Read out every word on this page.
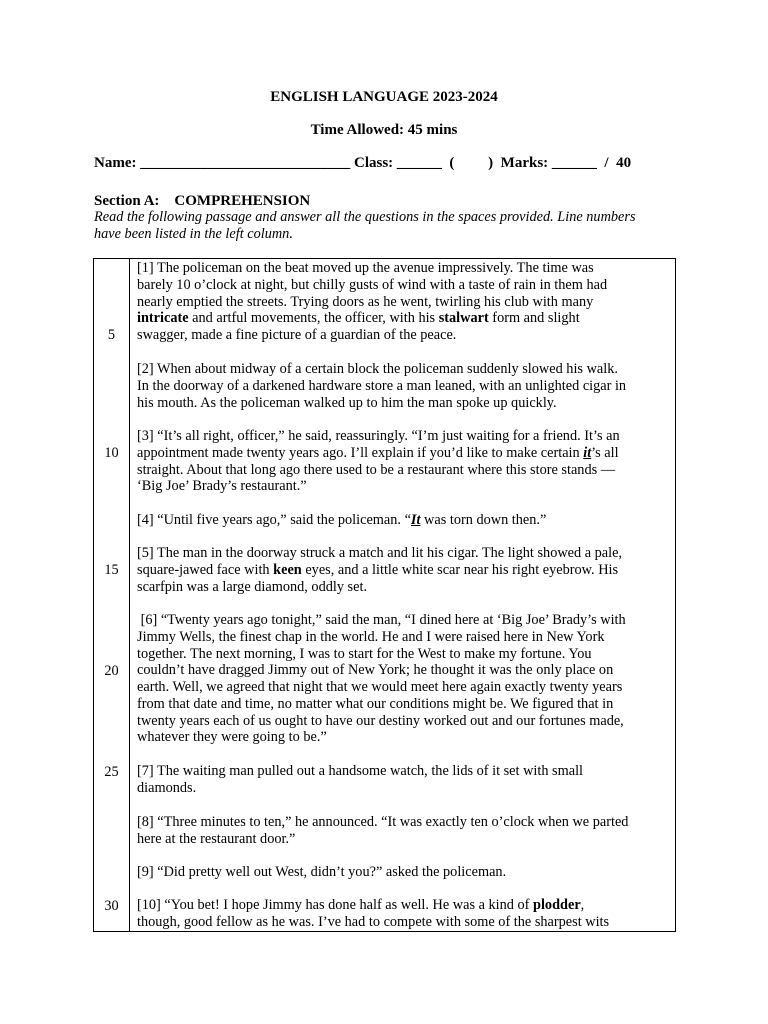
ENGLISH LANGUAGE 2023-2024
Time Allowed: 45 mins
Name: ____________________________ Class: ______ ( ) Marks: ______ / 40
Section A: COMPREHENSION
Read the following passage and answer all the questions in the spaces provided. Line numbers
have been listed in the left column.
5
10
15
20
25
30
[1] The policeman on the beat moved up the avenue impressively. The time was
barely 10 o’clock at night, but chilly gusts of wind with a taste of rain in them had
nearly emptied the streets. Trying doors as he went, twirling his club with many
intricate and artful movements, the officer, with his stalwart form and slight
swagger, made a fine picture of a guardian of the peace.
[2] When about midway of a certain block the policeman suddenly slowed his walk.
In the doorway of a darkened hardware store a man leaned, with an unlighted cigar in
his mouth. As the policeman walked up to him the man spoke up quickly.
[3] “It’s all right, officer,” he said, reassuringly. “I’m just waiting for a friend. It’s an
appointment made twenty years ago. I’ll explain if you’d like to make certain it’s all
straight. About that long ago there used to be a restaurant where this store stands —
‘Big Joe’ Brady’s restaurant.”
[4] “Until five years ago,” said the policeman. “It was torn down then.”
[5] The man in the doorway struck a match and lit his cigar. The light showed a pale,
square-jawed face with keen eyes, and a little white scar near his right eyebrow. His
scarfpin was a large diamond, oddly set.
[6] “Twenty years ago tonight,” said the man, “I dined here at ‘Big Joe’ Brady’s with
Jimmy Wells, the finest chap in the world. He and I were raised here in New York
together. The next morning, I was to start for the West to make my fortune. You
couldn’t have dragged Jimmy out of New York; he thought it was the only place on
earth. Well, we agreed that night that we would meet here again exactly twenty years
from that date and time, no matter what our conditions might be. We figured that in
twenty years each of us ought to have our destiny worked out and our fortunes made,
whatever they were going to be.”
[7] The waiting man pulled out a handsome watch, the lids of it set with small
diamonds.
[8] “Three minutes to ten,” he announced. “It was exactly ten o’clock when we parted
here at the restaurant door.”
[9] “Did pretty well out West, didn’t you?” asked the policeman.
[10] “You bet! I hope Jimmy has done half as well. He was a kind of plodder,
though, good fellow as he was. I’ve had to compete with some of the sharpest wits
